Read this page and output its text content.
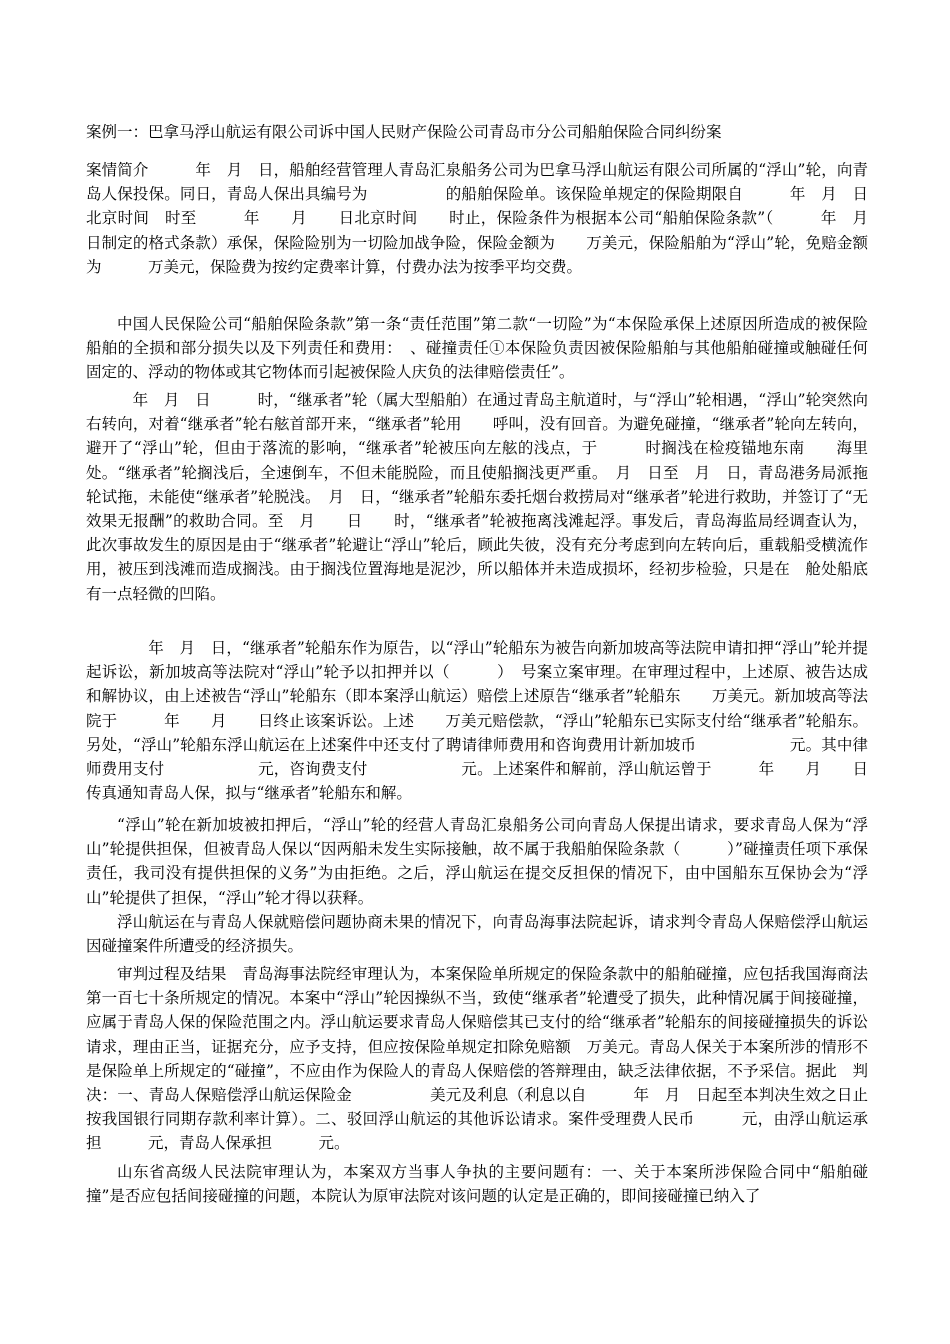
案例一：巴拿马浮山航运有限公司诉中国人民财产保险公司青岛市分公司船舶保险合同纠纷案

案情简介　　　年　月　日，船舶经营管理人青岛汇泉船务公司为巴拿马浮山航运有限公司所属的“浮山”轮，向青岛人保投保。同日，青岛人保出具编号为　　　　　的船舶保险单。该保险单规定的保险期限自　　　年　月　日北京时间　时至　　　年　　月　　日北京时间　　时止，保险条件为根据本公司“船舶保险条款”（　　　年　月　日制定的格式条款）承保，保险险别为一切险加战争险，保险金额为　　万美元，保险船舶为“浮山”轮，免赔金额为　　　万美元，保险费为按约定费率计算，付费办法为按季平均交费。

中国人民保险公司“船舶保险条款”第一条“责任范围”第二款“一切险”为“本保险承保上述原因所造成的被保险船舶的全损和部分损失以及下列责任和费用：　、碰撞责任①本保险负责因被保险船舶与其他船舶碰撞或触碰任何固定的、浮动的物体或其它物体而引起被保险人庆负的法律赔偿责任”。

　年　月　日　　　时，“继承者”轮（属大型船舶）在通过青岛主航道时，与“浮山”轮相遇，“浮山”轮突然向右转向，对着“继承者”轮右舷首部开来，“继承者”轮用　　呼叫，没有回音。为避免碰撞，“继承者”轮向左转向，避开了“浮山”轮，但由于落流的影响，“继承者”轮被压向左舷的浅点，于　　　时搁浅在检疫锚地东南　　海里处。“继承者”轮搁浅后，全速倒车，不但未能脱险，而且使船搁浅更严重。　月　日至　月　日，青岛港务局派拖轮试拖，未能使“继承者”轮脱浅。　月　日，“继承者”轮船东委托烟台救捞局对“继承者”轮进行救助，并签订了“无效果无报酬”的救助合同。至　月　　日　　时，“继承者”轮被拖离浅滩起浮。事发后，青岛海监局经调查认为，此次事故发生的原因是由于“继承者”轮避让“浮山”轮后，顾此失彼，没有充分考虑到向左转向后，重载船受横流作用，被压到浅滩而造成搁浅。由于搁浅位置海地是泥沙，所以船体并未造成损坏，经初步检验，只是在　舱处船底有一点轻微的凹陷。

　　年　月　日，“继承者”轮船东作为原告，以“浮山”轮船东为被告向新加坡高等法院申请扣押“浮山”轮并提起诉讼，新加坡高等法院对“浮山”轮予以扣押并以（　　　）　号案立案审理。在审理过程中，上述原、被告达成和解协议，由上述被告“浮山”轮船东（即本案浮山航运）赔偿上述原告“继承者”轮船东　　万美元。新加坡高等法院于　　　年　　月　　日终止该案诉讼。上述　　万美元赔偿款，“浮山”轮船东已实际支付给“继承者”轮船东。另处，“浮山”轮船东浮山航运在上述案件中还支付了聘请律师费用和咨询费用计新加坡币　　　　　　元。其中律师费用支付　　　　　　元，咨询费支付　　　　　　元。上述案件和解前，浮山航运曾于　　　年　　月　　日传真通知青岛人保，拟与“继承者”轮船东和解。

“浮山”轮在新加坡被扣押后，“浮山”轮的经营人青岛汇泉船务公司向青岛人保提出请求，要求青岛人保为“浮山”轮提供担保，但被青岛人保以“因两船未发生实际接触，故不属于我船舶保险条款（　　　）”碰撞责任项下承保责任，我司没有提供担保的义务”为由拒绝。之后，浮山航运在提交反担保的情况下，由中国船东互保协会为“浮山”轮提供了担保，“浮山”轮才得以获释。

浮山航运在与青岛人保就赔偿问题协商未果的情况下，向青岛海事法院起诉，请求判令青岛人保赔偿浮山航运因碰撞案件所遭受的经济损失。

审判过程及结果　青岛海事法院经审理认为，本案保险单所规定的保险条款中的船舶碰撞，应包括我国海商法第一百七十条所规定的情况。本案中“浮山”轮因操纵不当，致使“继承者”轮遭受了损失，此种情况属于间接碰撞，应属于青岛人保的保险范围之内。浮山航运要求青岛人保赔偿其已支付的给“继承者”轮船东的间接碰撞损失的诉讼请求，理由正当，证据充分，应予支持，但应按保险单规定扣除免赔额　万美元。青岛人保关于本案所涉的情形不是保险单上所规定的“碰撞”，不应由作为保险人的青岛人保赔偿的答辩理由，缺乏法律依据，不予采信。据此　判决：一、青岛人保赔偿浮山航运保险金　　　　　美元及利息（利息以自　　　年　月　日起至本判决生效之日止按我国银行同期存款利率计算）。二、驳回浮山航运的其他诉讼请求。案件受理费人民币　　　元，由浮山航运承担　　　元，青岛人保承担　　　元。

山东省高级人民法院审理认为，本案双方当事人争执的主要问题有：一、关于本案所涉保险合同中“船舶碰撞”是否应包括间接碰撞的问题，本院认为原审法院对该问题的认定是正确的，即间接碰撞已纳入了
